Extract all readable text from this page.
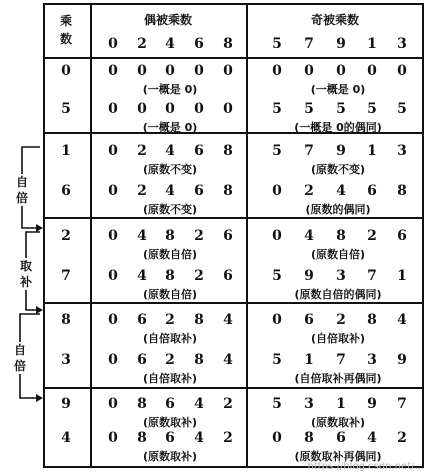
乘数
偶被乘数	奇被乘数
0 2 4 6 8	5 7 9 1 3
0	0 0 0 0 0	0 0 0 0 0
(一概是 0)	(一概是 0)
5	0 0 0 0 0	5 5 5 5 5
(一概是 0)	(一概是 0的偶同)
1	0 2 4 6 8	5 7 9 1 3
(原数不变)	(原数不变)
6	0 2 4 6 8	0 2 4 6 8
(原数不变)	(原数的偶同)
2	0 4 8 2 6	0 4 8 2 6
(原数自倍)	(原数自倍)
7	0 4 8 2 6	5 9 3 7 1
(原数自倍)	(原数自倍的偶同)
8	0 6 2 8 4	0 6 2 8 4
(自倍取补)	(自倍取补)
3	0 6 2 8 4	5 1 7 3 9
(自倍取补)	(自倍取补再偶同)
9	0 8 6 4 2	5 3 1 9 7
(原数取补)	(原数取补)
4	0 8 6 4 2	0 8 6 4 2
(原数取补)	(原数取补再偶同)
自倍
取补
自倍
https://blog.csdn.net/...
